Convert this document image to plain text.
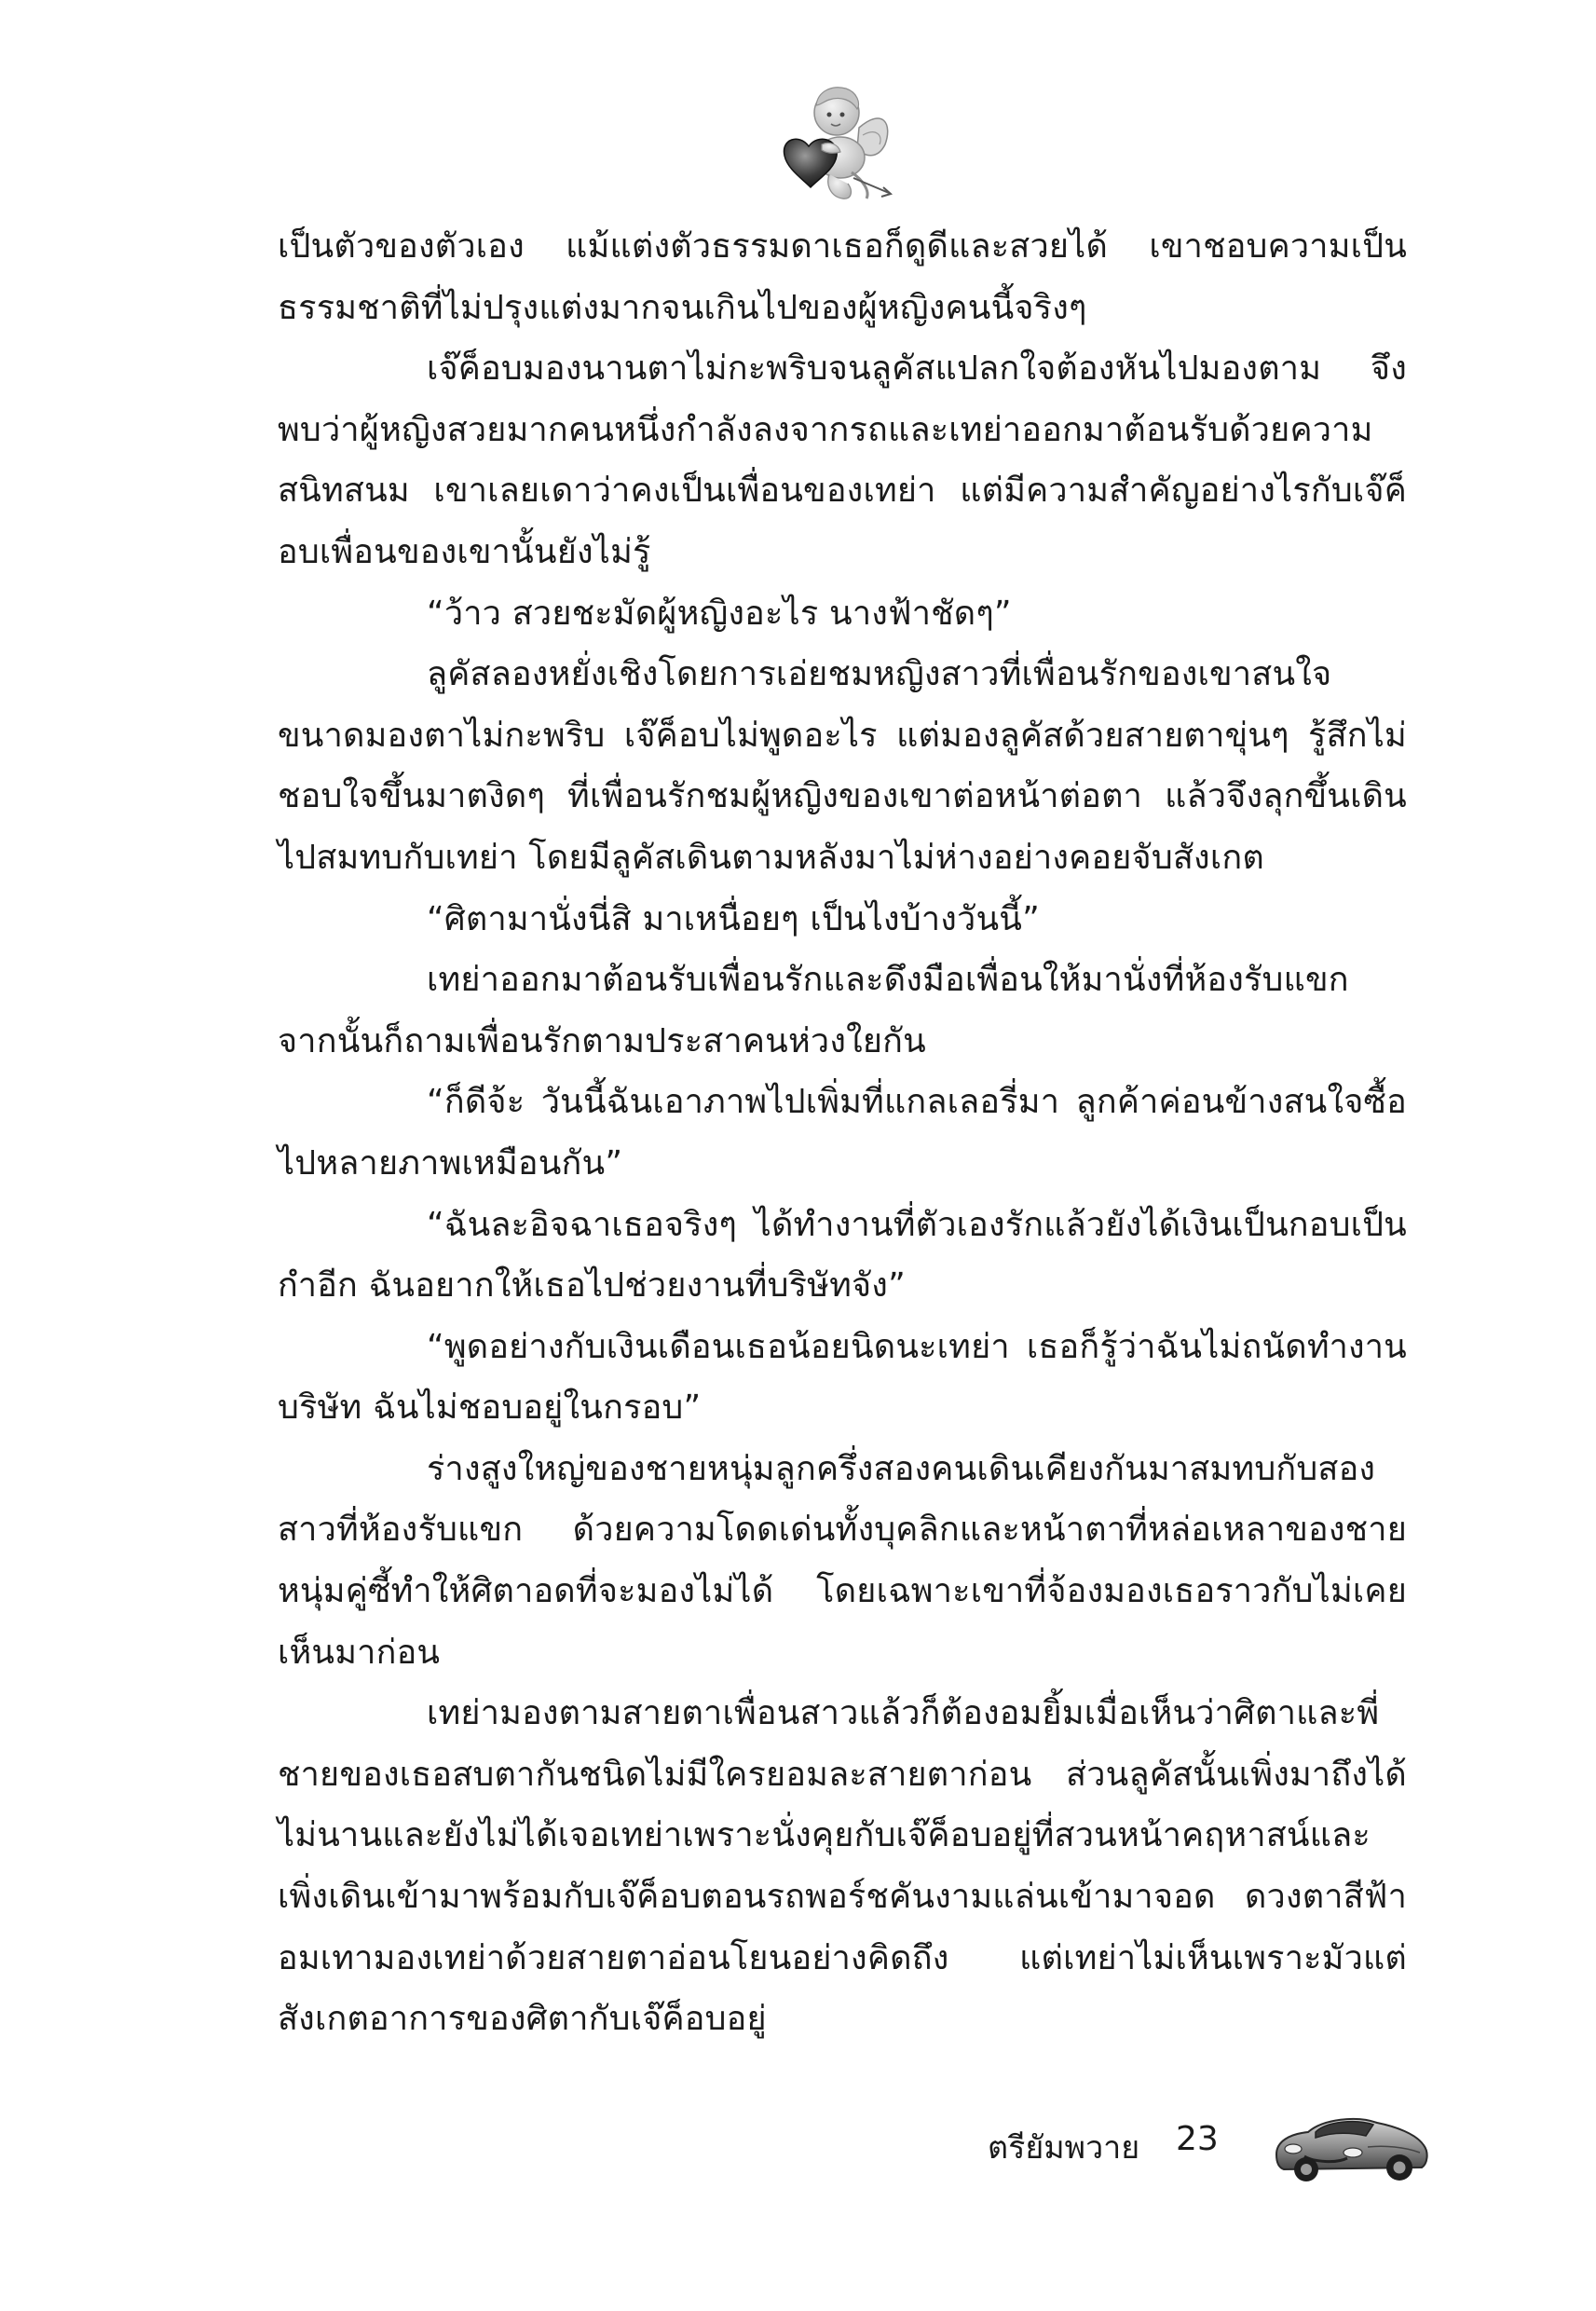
เป็นตัวของตัวเอง แม้แต่งตัวธรรมดาเธอก็ดูดีและสวยได้ เขาชอบความเป็นธรรมชาติที่ไม่ปรุงแต่งมากจนเกินไปของผู้หญิงคนนี้จริงๆ

เจ๊ค็อบมองนานตาไม่กะพริบจนลูคัสแปลกใจต้องหันไปมองตาม จึงพบว่าผู้หญิงสวยมากคนหนึ่งกำลังลงจากรถและเทย่าออกมาต้อนรับด้วยความสนิทสนม เขาเลยเดาว่าคงเป็นเพื่อนของเทย่า แต่มีความสำคัญอย่างไรกับเจ๊ค็อบเพื่อนของเขานั้นยังไม่รู้

“ว้าว สวยชะมัดผู้หญิงอะไร นางฟ้าชัดๆ”

ลูคัสลองหยั่งเชิงโดยการเอ่ยชมหญิงสาวที่เพื่อนรักของเขาสนใจขนาดมองตาไม่กะพริบ เจ๊ค็อบไม่พูดอะไร แต่มองลูคัสด้วยสายตาขุ่นๆ รู้สึกไม่ชอบใจขึ้นมาตงิดๆ ที่เพื่อนรักชมผู้หญิงของเขาต่อหน้าต่อตา แล้วจึงลุกขึ้นเดินไปสมทบกับเทย่า โดยมีลูคัสเดินตามหลังมาไม่ห่างอย่างคอยจับสังเกต

“ศิตามานั่งนี่สิ มาเหนื่อยๆ เป็นไงบ้างวันนี้”

เทย่าออกมาต้อนรับเพื่อนรักและดึงมือเพื่อนให้มานั่งที่ห้องรับแขกจากนั้นก็ถามเพื่อนรักตามประสาคนห่วงใยกัน

“ก็ดีจ้ะ วันนี้ฉันเอาภาพไปเพิ่มที่แกลเลอรี่มา ลูกค้าค่อนข้างสนใจซื้อไปหลายภาพเหมือนกัน”

“ฉันละอิจฉาเธอจริงๆ ได้ทำงานที่ตัวเองรักแล้วยังได้เงินเป็นกอบเป็นกำอีก ฉันอยากให้เธอไปช่วยงานที่บริษัทจัง”

“พูดอย่างกับเงินเดือนเธอน้อยนิดนะเทย่า เธอก็รู้ว่าฉันไม่ถนัดทำงานบริษัท ฉันไม่ชอบอยู่ในกรอบ”

ร่างสูงใหญ่ของชายหนุ่มลูกครึ่งสองคนเดินเคียงกันมาสมทบกับสองสาวที่ห้องรับแขก ด้วยความโดดเด่นทั้งบุคลิกและหน้าตาที่หล่อเหลาของชายหนุ่มคู่ซี้ทำให้ศิตาอดที่จะมองไม่ได้ โดยเฉพาะเขาที่จ้องมองเธอราวกับไม่เคยเห็นมาก่อน

เทย่ามองตามสายตาเพื่อนสาวแล้วก็ต้องอมยิ้มเมื่อเห็นว่าศิตาและพี่ชายของเธอสบตากันชนิดไม่มีใครยอมละสายตาก่อน ส่วนลูคัสนั้นเพิ่งมาถึงได้ไม่นานและยังไม่ได้เจอเทย่าเพราะนั่งคุยกับเจ๊ค็อบอยู่ที่สวนหน้าคฤหาสน์และเพิ่งเดินเข้ามาพร้อมกับเจ๊ค็อบตอนรถพอร์ชคันงามแล่นเข้ามาจอด ดวงตาสีฟ้าอมเทามองเทย่าด้วยสายตาอ่อนโยนอย่างคิดถึง แต่เทย่าไม่เห็นเพราะมัวแต่สังเกตอาการของศิตากับเจ๊ค็อบอยู่

ตรียัมพวาย 23
